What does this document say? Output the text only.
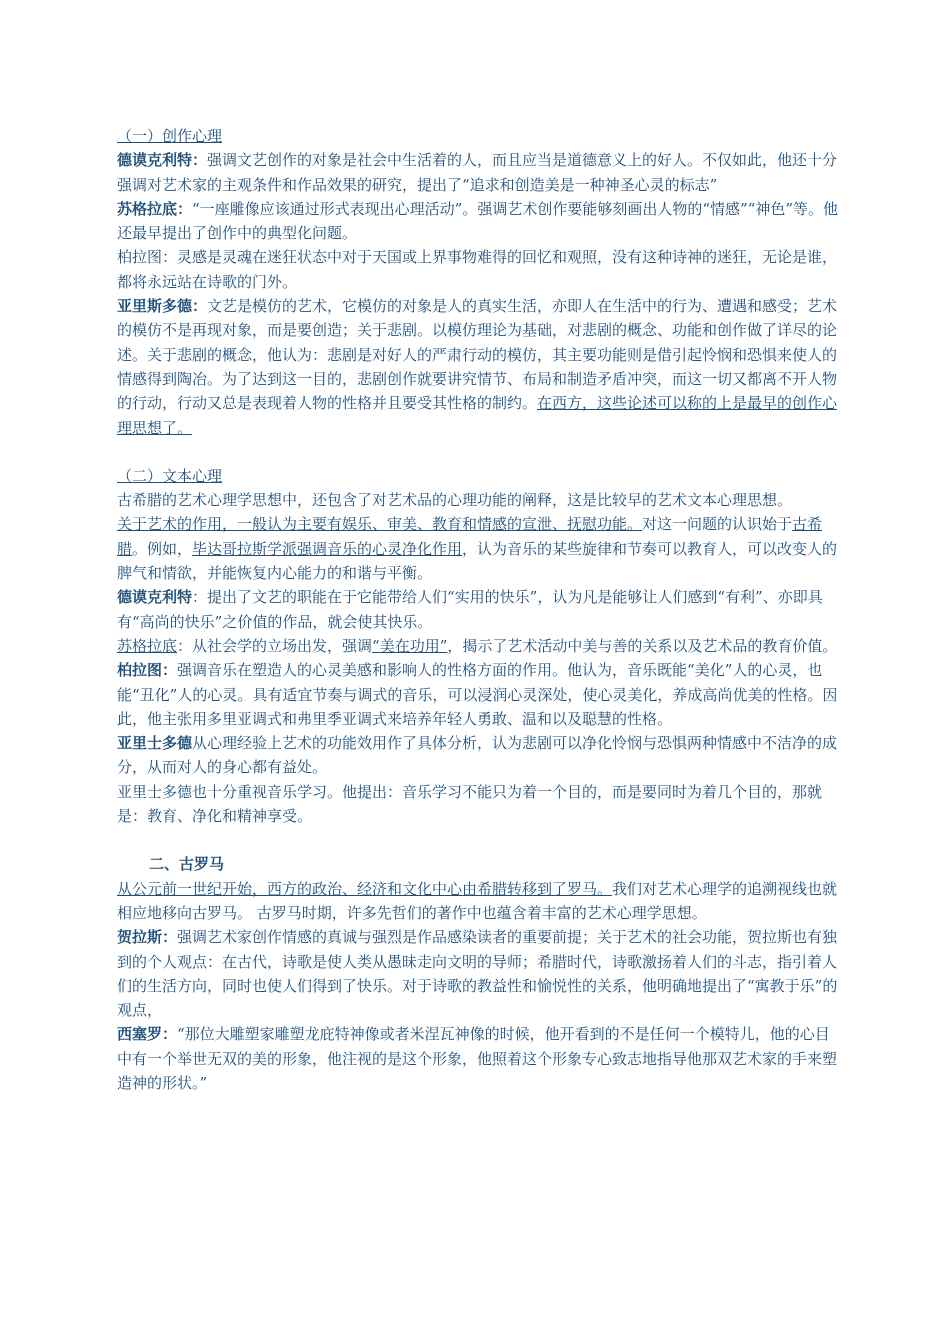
（一）创作心理

德谟克利特：强调文艺创作的对象是社会中生活着的人，而且应当是道德意义上的好人。不仅如此，他还十分强调对艺术家的主观条件和作品效果的研究，提出了“追求和创造美是一种神圣心灵的标志”

苏格拉底：“一座雕像应该通过形式表现出心理活动”。强调艺术创作要能够刻画出人物的“情感”“神色”等。他还最早提出了创作中的典型化问题。

柏拉图：灵感是灵魂在迷狂状态中对于天国或上界事物难得的回忆和观照，没有这种诗神的迷狂，无论是谁，都将永远站在诗歌的门外。

亚里斯多德：文艺是模仿的艺术，它模仿的对象是人的真实生活，亦即人在生活中的行为、遭遇和感受；艺术的模仿不是再现对象，而是要创造；关于悲剧。以模仿理论为基础，对悲剧的概念、功能和创作做了详尽的论述。关于悲剧的概念，他认为：悲剧是对好人的严肃行动的模仿，其主要功能则是借引起怜悯和恐惧来使人的情感得到陶冶。为了达到这一目的，悲剧创作就要讲究情节、布局和制造矛盾冲突，而这一切又都离不开人物的行动，行动又总是表现着人物的性格并且要受其性格的制约。在西方，这些论述可以称的上是最早的创作心理思想了。

（二）文本心理

古希腊的艺术心理学思想中，还包含了对艺术品的心理功能的阐释，这是比较早的艺术文本心理思想。

关于艺术的作用，一般认为主要有娱乐、审美、教育和情感的宣泄、抚慰功能。对这一问题的认识始于古希腊。例如，毕达哥拉斯学派强调音乐的心灵净化作用，认为音乐的某些旋律和节奏可以教育人，可以改变人的脾气和情欲，并能恢复内心能力的和谐与平衡。

德谟克利特：提出了文艺的职能在于它能带给人们“实用的快乐”，认为凡是能够让人们感到“有利”、亦即具有“高尚的快乐”之价值的作品，就会使其快乐。

苏格拉底：从社会学的立场出发，强调“美在功用”，揭示了艺术活动中美与善的关系以及艺术品的教育价值。

柏拉图：强调音乐在塑造人的心灵美感和影响人的性格方面的作用。他认为，音乐既能“美化”人的心灵，也能“丑化”人的心灵。具有适宜节奏与调式的音乐，可以浸润心灵深处，使心灵美化，养成高尚优美的性格。因此，他主张用多里亚调式和弗里季亚调式来培养年轻人勇敢、温和以及聪慧的性格。

亚里士多德从心理经验上艺术的功能效用作了具体分析，认为悲剧可以净化怜悯与恐惧两种情感中不洁净的成分，从而对人的身心都有益处。

亚里士多德也十分重视音乐学习。他提出：音乐学习不能只为着一个目的，而是要同时为着几个目的，那就是：教育、净化和精神享受。

二、古罗马

从公元前一世纪开始，西方的政治、经济和文化中心由希腊转移到了罗马。我们对艺术心理学的追溯视线也就相应地移向古罗马。 古罗马时期，许多先哲们的著作中也蕴含着丰富的艺术心理学思想。

贺拉斯：强调艺术家创作情感的真诚与强烈是作品感染读者的重要前提；关于艺术的社会功能，贺拉斯也有独到的个人观点：在古代，诗歌是使人类从愚昧走向文明的导师；希腊时代，诗歌激扬着人们的斗志，指引着人们的生活方向，同时也使人们得到了快乐。对于诗歌的教益性和愉悦性的关系，他明确地提出了“寓教于乐”的观点，

西塞罗：“那位大雕塑家雕塑龙庇特神像或者米涅瓦神像的时候，他开看到的不是任何一个模特儿，他的心目中有一个举世无双的美的形象，他注视的是这个形象，他照着这个形象专心致志地指导他那双艺术家的手来塑造神的形状。”
